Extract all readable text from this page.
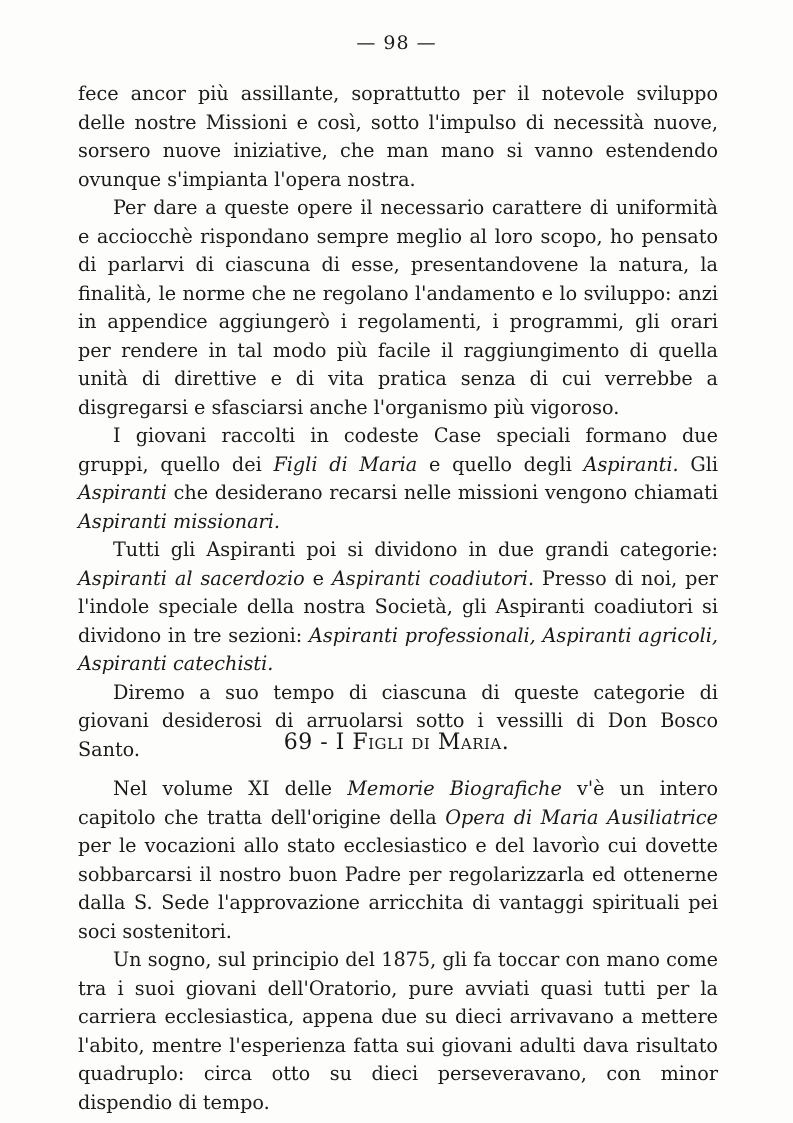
— 98 —

fece ancor più assillante, soprattutto per il notevole sviluppo delle nostre Missioni e così, sotto l'impulso di necessità nuove, sorsero nuove iniziative, che man mano si vanno estendendo ovunque s'impianta l'opera nostra.

Per dare a queste opere il necessario carattere di uniformità e acciocchè rispondano sempre meglio al loro scopo, ho pensato di parlarvi di ciascuna di esse, presentandovene la natura, la finalità, le norme che ne regolano l'andamento e lo sviluppo: anzi in appendice aggiungerò i regolamenti, i programmi, gli orari per rendere in tal modo più facile il raggiungimento di quella unità di direttive e di vita pratica senza di cui verrebbe a disgregarsi e sfasciarsi anche l'organismo più vigoroso.

I giovani raccolti in codeste Case speciali formano due gruppi, quello dei Figli di Maria e quello degli Aspiranti. Gli Aspiranti che desiderano recarsi nelle missioni vengono chiamati Aspiranti missionari.

Tutti gli Aspiranti poi si dividono in due grandi categorie: Aspiranti al sacerdozio e Aspiranti coadiutori. Presso di noi, per l'indole speciale della nostra Società, gli Aspiranti coadiutori si dividono in tre sezioni: Aspiranti professionali, Aspiranti agricoli, Aspiranti catechisti.

Diremo a suo tempo di ciascuna di queste categorie di giovani desiderosi di arruolarsi sotto i vessilli di Don Bosco Santo.	69 - I Figli di Maria.

Nel volume XI delle Memorie Biografiche v'è un intero capitolo che tratta dell'origine della Opera di Maria Ausiliatrice per le vocazioni allo stato ecclesiastico e del lavorìo cui dovette sobbarcarsi il nostro buon Padre per regolarizzarla ed ottenerne dalla S. Sede l'approvazione arricchita di vantaggi spirituali pei soci sostenitori.

Un sogno, sul principio del 1875, gli fa toccar con mano come tra i suoi giovani dell'Oratorio, pure avviati quasi tutti per la carriera ecclesiastica, appena due su dieci arrivavano a mettere l'abito, mentre l'esperienza fatta sui giovani adulti dava risultato quadruplo: circa otto su dieci perseveravano, con minor dispendio di tempo.
